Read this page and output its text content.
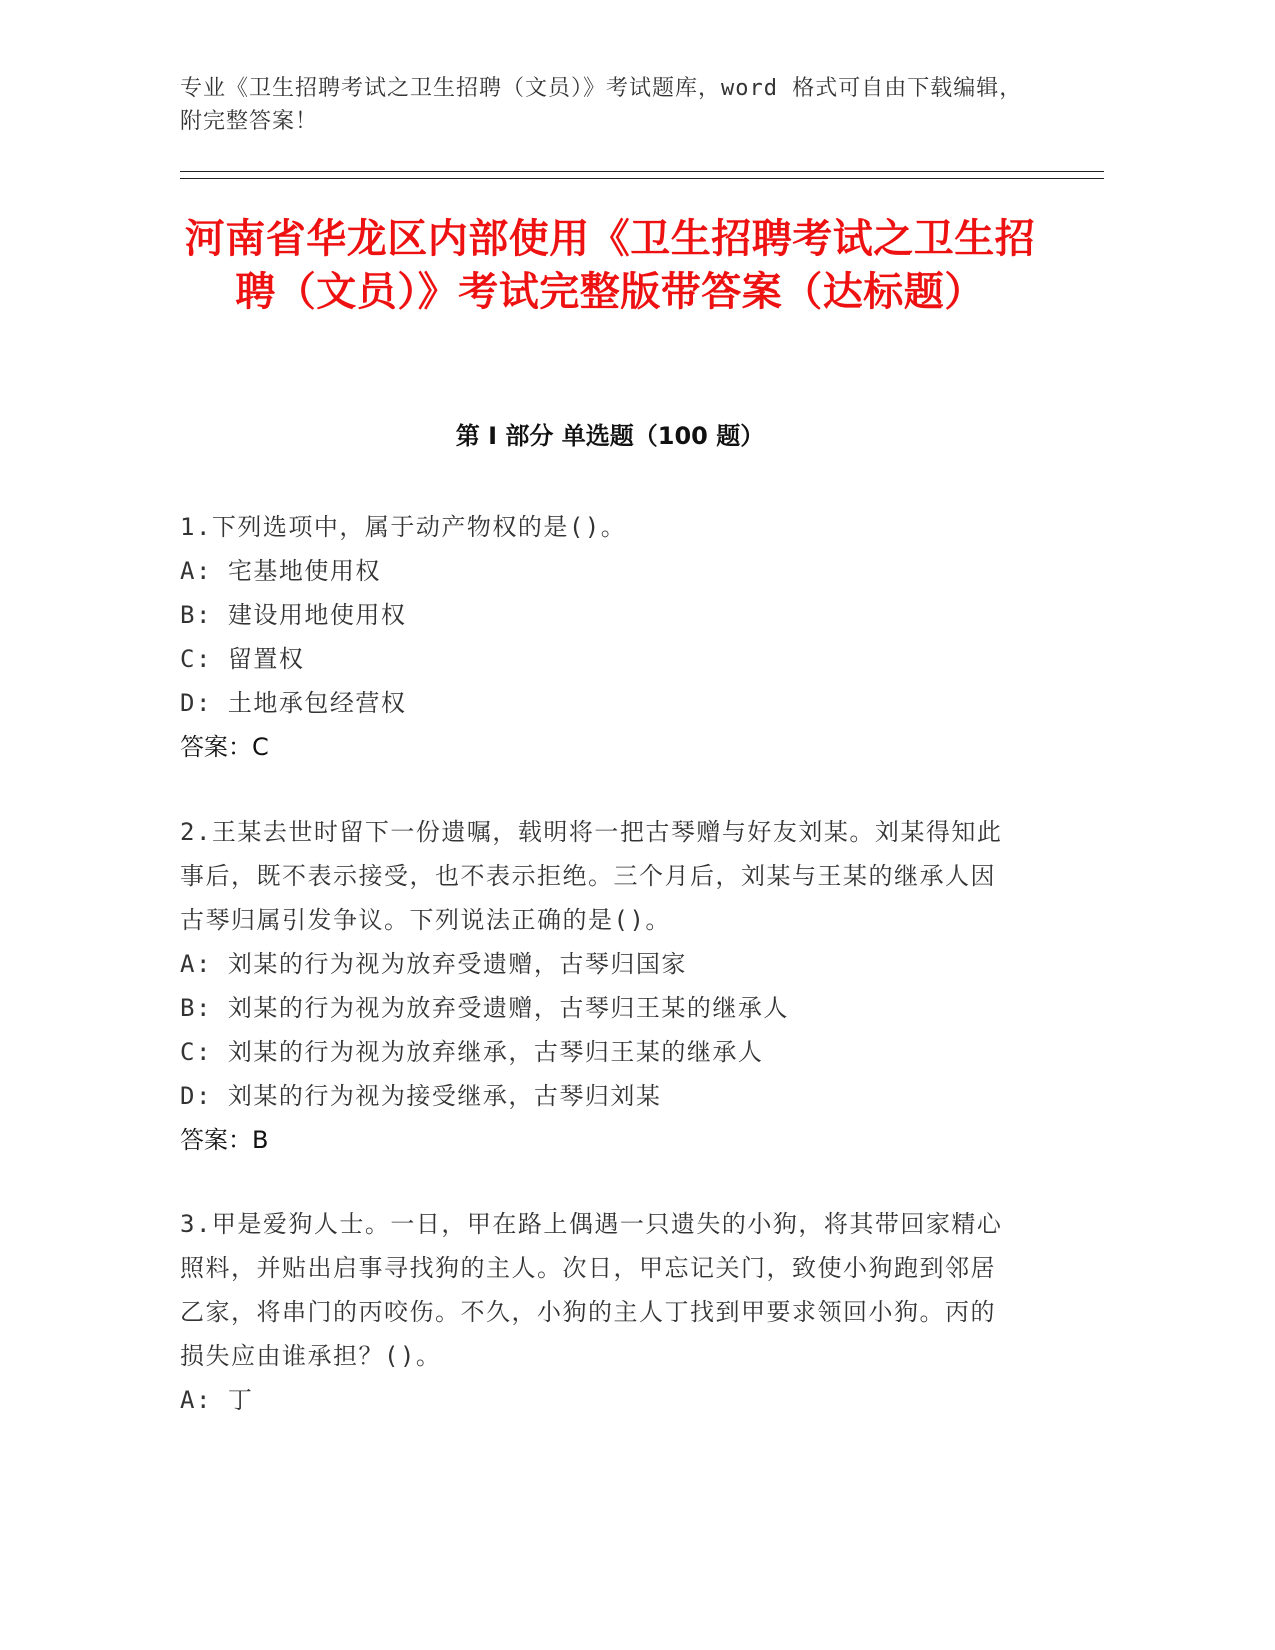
专业《卫生招聘考试之卫生招聘（文员）》考试题库，word 格式可自由下载编辑，附完整答案！

河南省华龙区内部使用《卫生招聘考试之卫生招聘（文员）》考试完整版带答案（达标题）
第 I 部分 单选题（100 题）

1.下列选项中，属于动产物权的是()。

A: 宅基地使用权

B: 建设用地使用权

C: 留置权

D: 土地承包经营权

答案：C

2.王某去世时留下一份遗嘱，载明将一把古琴赠与好友刘某。刘某得知此事后，既不表示接受，也不表示拒绝。三个月后，刘某与王某的继承人因古琴归属引发争议。下列说法正确的是()。

A: 刘某的行为视为放弃受遗赠，古琴归国家

B: 刘某的行为视为放弃受遗赠，古琴归王某的继承人

C: 刘某的行为视为放弃继承，古琴归王某的继承人

D: 刘某的行为视为接受继承，古琴归刘某

答案：B

3.甲是爱狗人士。一日，甲在路上偶遇一只遗失的小狗，将其带回家精心照料，并贴出启事寻找狗的主人。次日，甲忘记关门，致使小狗跑到邻居乙家，将串门的丙咬伤。不久，小狗的主人丁找到甲要求领回小狗。丙的损失应由谁承担？()。

A: 丁
